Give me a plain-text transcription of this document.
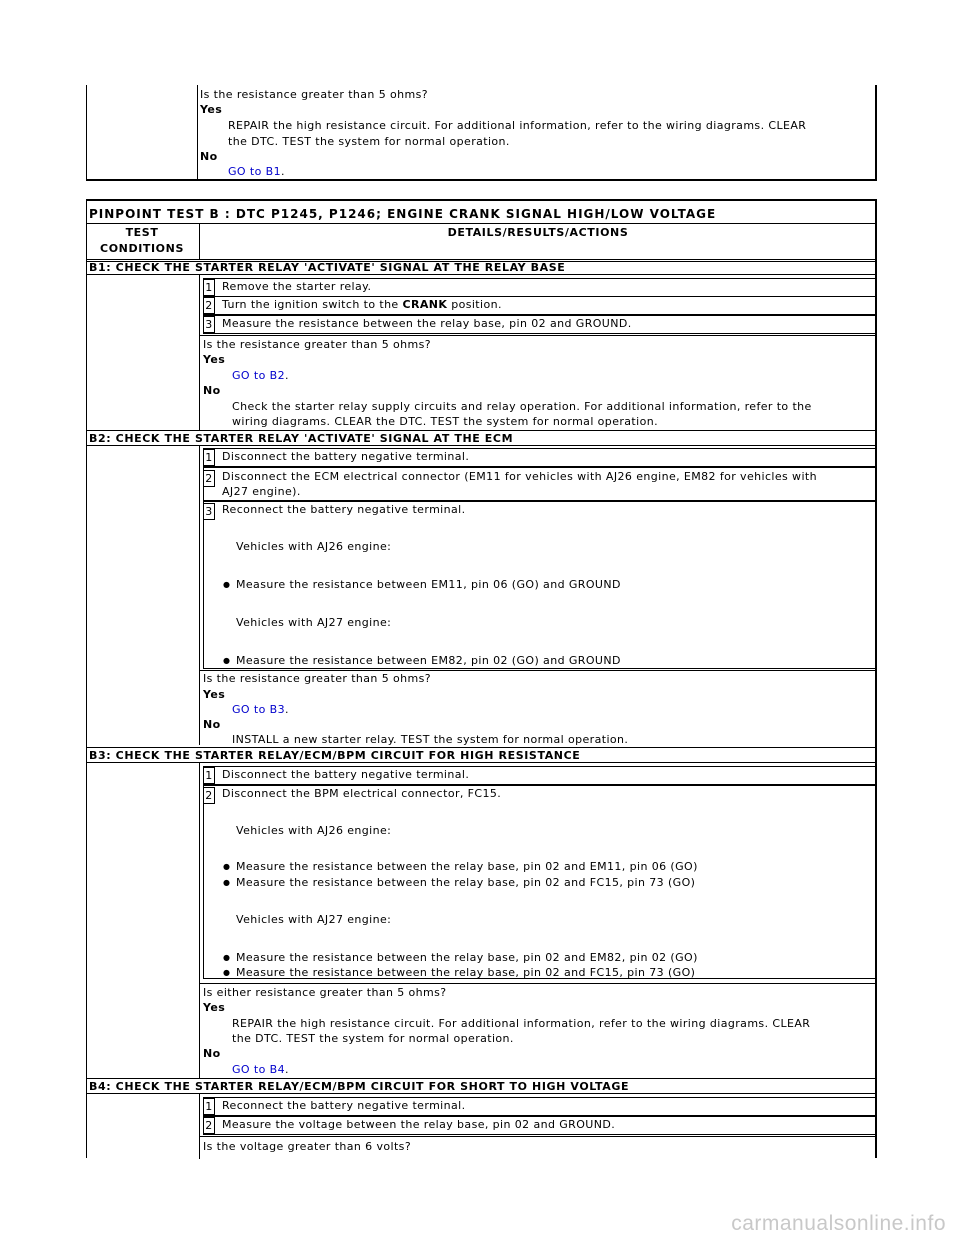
Is the resistance greater than 5 ohms?
Yes
REPAIR the high resistance circuit. For additional information, refer to the wiring diagrams. CLEAR
the DTC. TEST the system for normal operation.
No
GO to B1.
PINPOINT TEST B : DTC P1245, P1246; ENGINE CRANK SIGNAL HIGH/LOW VOLTAGE
TEST
CONDITIONS
DETAILS/RESULTS/ACTIONS
B1: CHECK THE STARTER RELAY 'ACTIVATE' SIGNAL AT THE RELAY BASE
1 Remove the starter relay.
2 Turn the ignition switch to the CRANK position.
3 Measure the resistance between the relay base, pin 02 and GROUND.
Is the resistance greater than 5 ohms?
Yes
GO to B2.
No
Check the starter relay supply circuits and relay operation. For additional information, refer to the
wiring diagrams. CLEAR the DTC. TEST the system for normal operation.
B2: CHECK THE STARTER RELAY 'ACTIVATE' SIGNAL AT THE ECM
1 Disconnect the battery negative terminal.
2 Disconnect the ECM electrical connector (EM11 for vehicles with AJ26 engine, EM82 for vehicles with
AJ27 engine).
3 Reconnect the battery negative terminal.
Vehicles with AJ26 engine:
● Measure the resistance between EM11, pin 06 (GO) and GROUND
Vehicles with AJ27 engine:
● Measure the resistance between EM82, pin 02 (GO) and GROUND
Is the resistance greater than 5 ohms?
Yes
GO to B3.
No
INSTALL a new starter relay. TEST the system for normal operation.
B3: CHECK THE STARTER RELAY/ECM/BPM CIRCUIT FOR HIGH RESISTANCE
1 Disconnect the battery negative terminal.
2 Disconnect the BPM electrical connector, FC15.
Vehicles with AJ26 engine:
● Measure the resistance between the relay base, pin 02 and EM11, pin 06 (GO)
● Measure the resistance between the relay base, pin 02 and FC15, pin 73 (GO)
Vehicles with AJ27 engine:
● Measure the resistance between the relay base, pin 02 and EM82, pin 02 (GO)
● Measure the resistance between the relay base, pin 02 and FC15, pin 73 (GO)
Is either resistance greater than 5 ohms?
Yes
REPAIR the high resistance circuit. For additional information, refer to the wiring diagrams. CLEAR
the DTC. TEST the system for normal operation.
No
GO to B4.
B4: CHECK THE STARTER RELAY/ECM/BPM CIRCUIT FOR SHORT TO HIGH VOLTAGE
1 Reconnect the battery negative terminal.
2 Measure the voltage between the relay base, pin 02 and GROUND.
Is the voltage greater than 6 volts?
carmanualsonline.info
